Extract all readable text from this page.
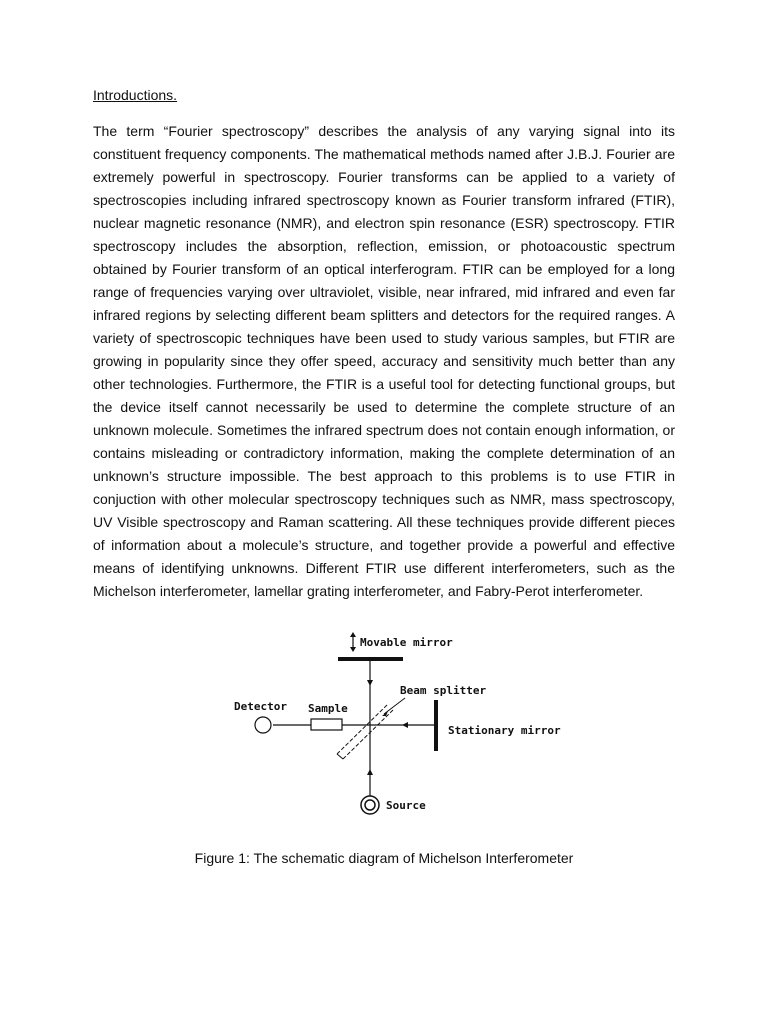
Introductions.

The term “Fourier spectroscopy” describes the analysis of any varying signal into its constituent frequency components. The mathematical methods named after J.B.J. Fourier are extremely powerful in spectroscopy. Fourier transforms can be applied to a variety of spectroscopies including infrared spectroscopy known as Fourier transform infrared (FTIR), nuclear magnetic resonance (NMR), and electron spin resonance (ESR) spectroscopy. FTIR spectroscopy includes the absorption, reflection, emission, or photoacoustic spectrum obtained by Fourier transform of an optical interferogram. FTIR can be employed for a long range of frequencies varying over ultraviolet, visible, near infrared, mid infrared and even far infrared regions by selecting different beam splitters and detectors for the required ranges. A variety of spectroscopic techniques have been used to study various samples, but FTIR are growing in popularity since they offer speed, accuracy and sensitivity much better than any other technologies. Furthermore, the FTIR is a useful tool for detecting functional groups, but the device itself cannot necessarily be used to determine the complete structure of an unknown molecule. Sometimes the infrared spectrum does not contain enough information, or contains misleading or contradictory information, making the complete determination of an unknown’s structure impossible. The best approach to this problems is to use FTIR in conjuction with other molecular spectroscopy techniques such as NMR, mass spectroscopy, UV Visible spectroscopy and Raman scattering. All these techniques provide different pieces of information about a molecule’s structure, and together provide a powerful and effective means of identifying unknowns. Different FTIR use different interferometers, such as the Michelson interferometer, lamellar grating interferometer, and Fabry-Perot interferometer.

Movable mirror
Beam splitter
Sample
Detector
Stationary mirror
Source

Figure 1: The schematic diagram of Michelson Interferometer
